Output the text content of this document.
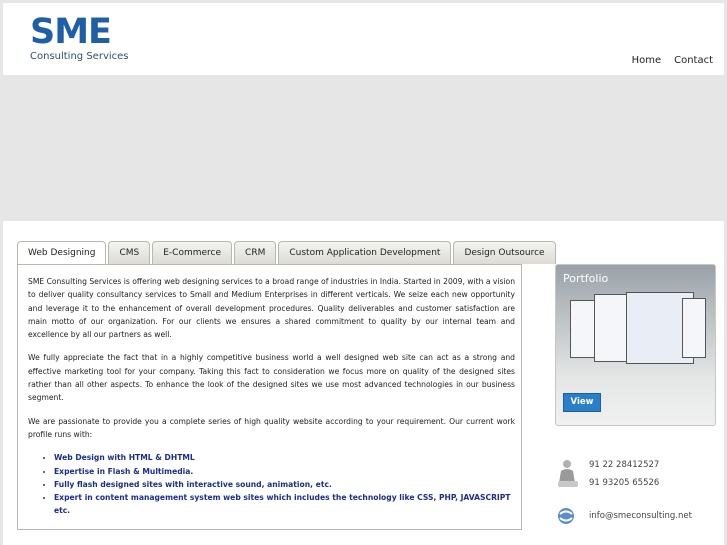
SME
Consulting Services	Home Contact
Web Designing	CMS	E-Commerce	CRM	Custom Application Development	Design Outsource

SME Consulting Services is offering web designing services to a broad range of industries in India. Started in 2009, with a vision to deliver quality consultancy services to Small and Medium Enterprises in different verticals. We seize each new opportunity and leverage it to the enhancement of overall development procedures. Quality deliverables and customer satisfaction are main motto of our organization. For our clients we ensures a shared commitment to quality by our internal team and excellence by all our partners as well.

We fully appreciate the fact that in a highly competitive business world a well designed web site can act as a strong and effective marketing tool for your company. Taking this fact to consideration we focus more on quality of the designed sites rather than all other aspects. To enhance the look of the designed sites we use most advanced technologies in our business segment.

We are passionate to provide you a complete series of high quality website according to your requirement. Our current work profile runs with:

• Web Design with HTML & DHTML
• Expertise in Flash & Multimedia.
• Fully flash designed sites with interactive sound, animation, etc.
• Expert in content management system web sites which includes the technology like CSS, PHP, JAVASCRIPT etc.
Portfolio
View
91 22 28412527
91 93205 65526
info@smeconsulting.net
